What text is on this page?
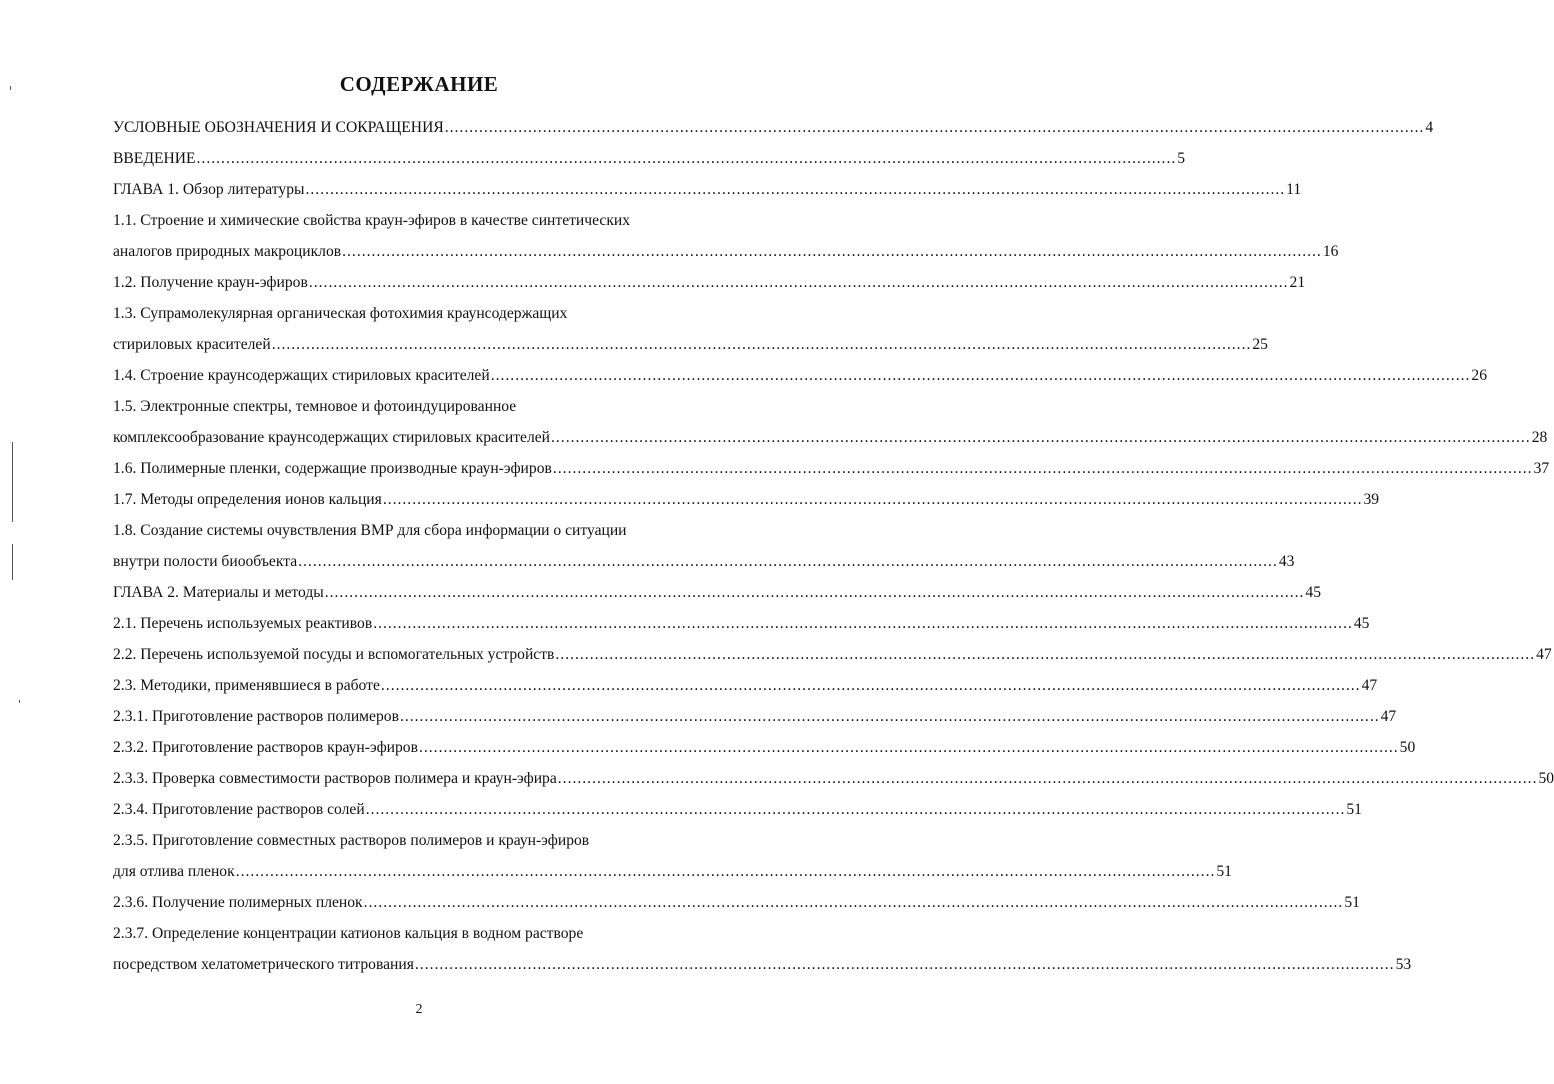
СОДЕРЖАНИЕ
УСЛОВНЫЕ ОБОЗНАЧЕНИЯ И СОКРАЩЕНИЯ ........................................................................................................................................................................................................ 4
ВВЕДЕНИЕ ........................................................................................................................................................................................................ 5
ГЛАВА 1. Обзор литературы ........................................................................................................................................................................................................ 11
1.1. Строение и химические свойства краун-эфиров в качестве синтетических
аналогов природных макроциклов ........................................................................................................................................................................................................ 16
1.2. Получение краун-эфиров ........................................................................................................................................................................................................ 21
1.3. Супрамолекулярная органическая фотохимия краунсодержащих
стириловых красителей ........................................................................................................................................................................................................ 25
1.4. Строение краунсодержащих стириловых красителей ........................................................................................................................................................................................................ 26
1.5. Электронные спектры, темновое и фотоиндуцированное
комплексообразование краунсодержащих стириловых красителей ........................................................................................................................................................................................................ 28
1.6. Полимерные пленки, содержащие производные краун-эфиров ........................................................................................................................................................................................................ 37
1.7. Методы определения ионов кальция ........................................................................................................................................................................................................ 39
1.8. Создание системы очувствления ВМР для сбора информации о ситуации
внутри полости биообъекта ........................................................................................................................................................................................................ 43
ГЛАВА 2. Материалы и методы ........................................................................................................................................................................................................ 45
2.1. Перечень используемых реактивов ........................................................................................................................................................................................................ 45
2.2. Перечень используемой посуды и вспомогательных устройств ........................................................................................................................................................................................................ 47
2.3. Методики, применявшиеся в работе ........................................................................................................................................................................................................ 47
2.3.1. Приготовление растворов полимеров ........................................................................................................................................................................................................ 47
2.3.2. Приготовление растворов краун-эфиров ........................................................................................................................................................................................................ 50
2.3.3. Проверка совместимости растворов полимера и краун-эфира ........................................................................................................................................................................................................ 50
2.3.4. Приготовление растворов солей ........................................................................................................................................................................................................ 51
2.3.5. Приготовление совместных растворов полимеров и краун-эфиров
для отлива пленок ........................................................................................................................................................................................................ 51
2.3.6. Получение полимерных пленок ........................................................................................................................................................................................................ 51
2.3.7. Определение концентрации катионов кальция в водном растворе
посредством хелатометрического титрования ........................................................................................................................................................................................................ 53
2
